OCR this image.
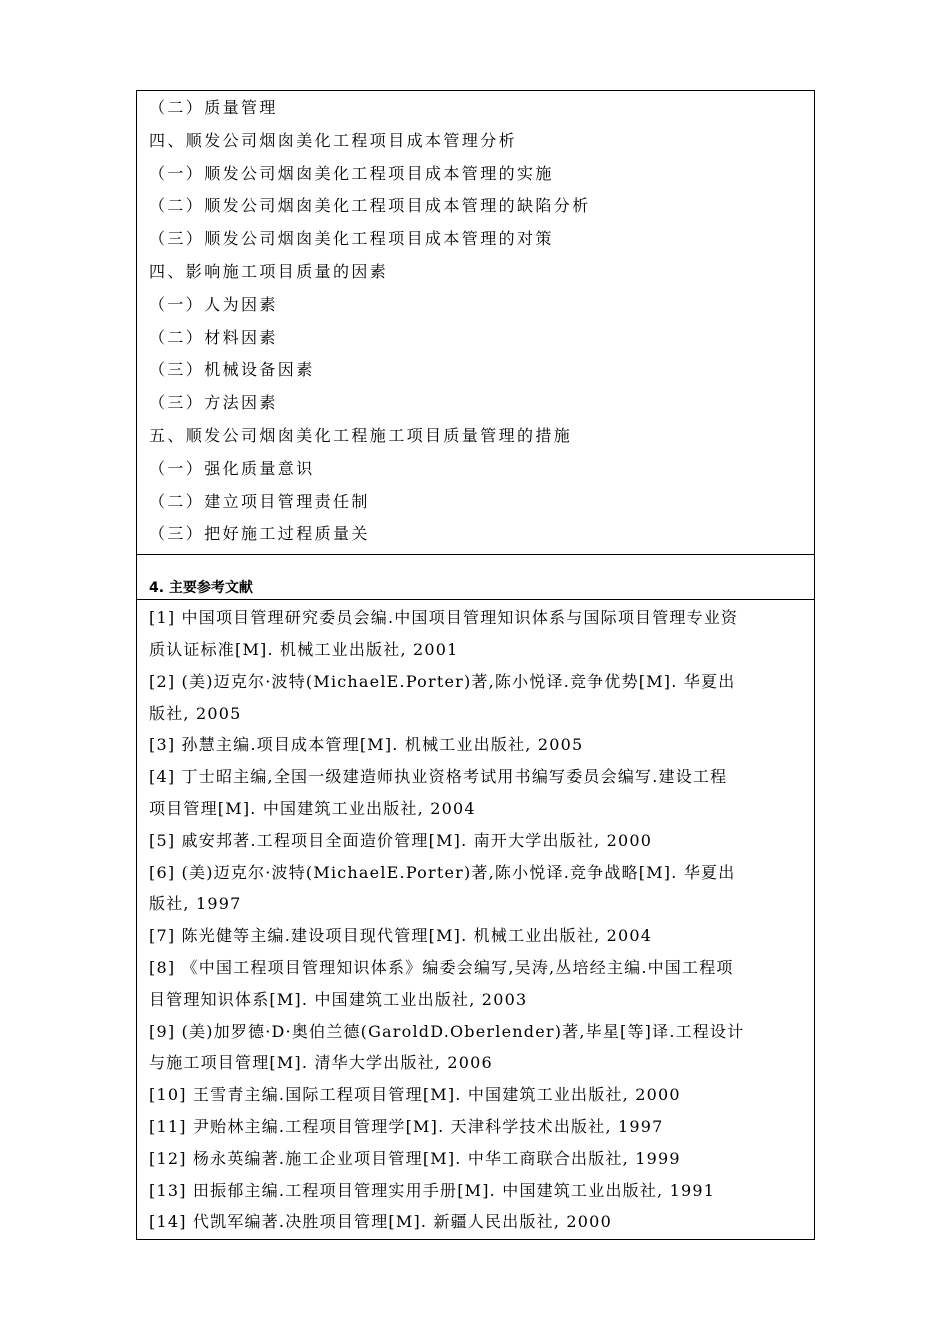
（二）质量管理
四、顺发公司烟囱美化工程项目成本管理分析
（一）顺发公司烟囱美化工程项目成本管理的实施
（二）顺发公司烟囱美化工程项目成本管理的缺陷分析
（三）顺发公司烟囱美化工程项目成本管理的对策
四、影响施工项目质量的因素
（一）人为因素
（二）材料因素
（三）机械设备因素
（三）方法因素
五、顺发公司烟囱美化工程施工项目质量管理的措施
（一）强化质量意识
（二）建立项目管理责任制
（三）把好施工过程质量关
4. 主要参考文献
[1] 中国项目管理研究委员会编.中国项目管理知识体系与国际项目管理专业资
质认证标准[M]. 机械工业出版社, 2001
[2] (美)迈克尔·波特(MichaelE.Porter)著,陈小悦译.竞争优势[M]. 华夏出
版社, 2005
[3] 孙慧主编.项目成本管理[M]. 机械工业出版社, 2005
[4] 丁士昭主编,全国一级建造师执业资格考试用书编写委员会编写.建设工程
项目管理[M]. 中国建筑工业出版社, 2004
[5] 戚安邦著.工程项目全面造价管理[M]. 南开大学出版社, 2000
[6] (美)迈克尔·波特(MichaelE.Porter)著,陈小悦译.竞争战略[M]. 华夏出
版社, 1997
[7] 陈光健等主编.建设项目现代管理[M]. 机械工业出版社, 2004
[8] 《中国工程项目管理知识体系》编委会编写,吴涛,丛培经主编.中国工程项
目管理知识体系[M]. 中国建筑工业出版社, 2003
[9] (美)加罗德·D·奥伯兰德(GaroldD.Oberlender)著,毕星[等]译.工程设计
与施工项目管理[M]. 清华大学出版社, 2006
[10] 王雪青主编.国际工程项目管理[M]. 中国建筑工业出版社, 2000
[11] 尹贻林主编.工程项目管理学[M]. 天津科学技术出版社, 1997
[12] 杨永英编著.施工企业项目管理[M]. 中华工商联合出版社, 1999
[13] 田振郁主编.工程项目管理实用手册[M]. 中国建筑工业出版社, 1991
[14] 代凯军编著.决胜项目管理[M]. 新疆人民出版社, 2000
